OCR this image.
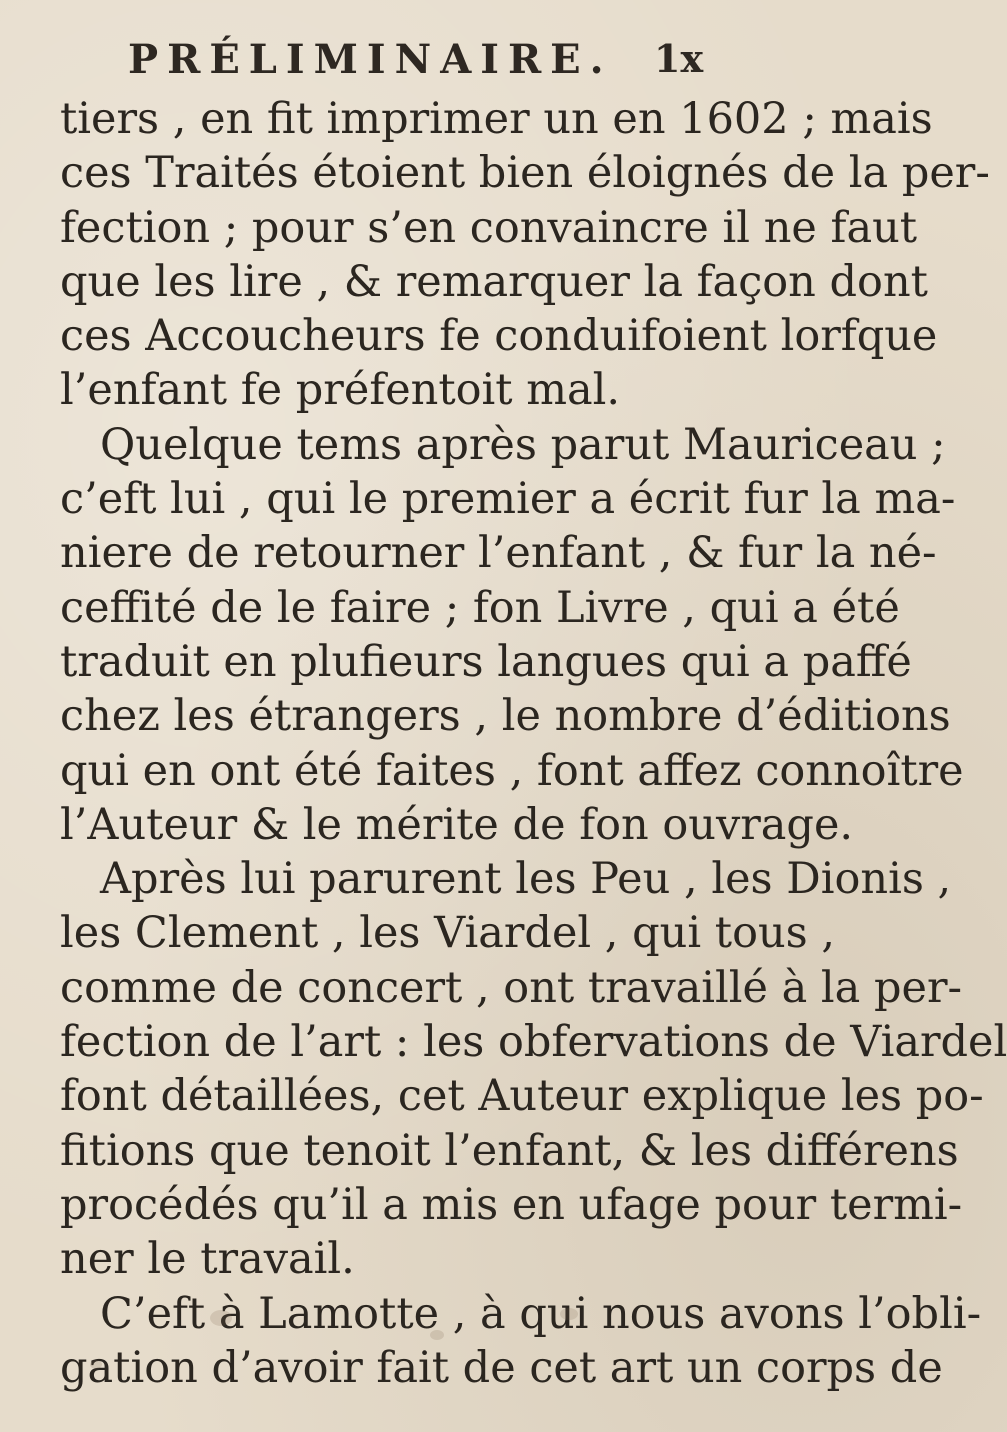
PRÉLIMINAIRE. 1x
tiers , en fit imprimer un en 1602 ; mais
ces Traités étoient bien éloignés de la per-
fection ; pour s’en convaincre il ne faut
que les lire , & remarquer la façon dont
ces Accoucheurs fe conduifoient lorfque
l’enfant fe préfentoit mal.
Quelque tems après parut Mauriceau ;
c’eft lui , qui le premier a écrit fur la ma-
niere de retourner l’enfant , & fur la né-
ceffité de le faire ; fon Livre , qui a été
traduit en plufieurs langues qui a paffé
chez les étrangers , le nombre d’éditions
qui en ont été faites , font affez connoître
l’Auteur & le mérite de fon ouvrage.
Après lui parurent les Peu , les Dionis ,
les Clement , les Viardel , qui tous ,
comme de concert , ont travaillé à la per-
fection de l’art : les obfervations de Viardel
font détaillées, cet Auteur explique les po-
fitions que tenoit l’enfant, & les différens
procédés qu’il a mis en ufage pour termi-
ner le travail.
C’eft à Lamotte , à qui nous avons l’obli-
gation d’avoir fait de cet art un corps de
